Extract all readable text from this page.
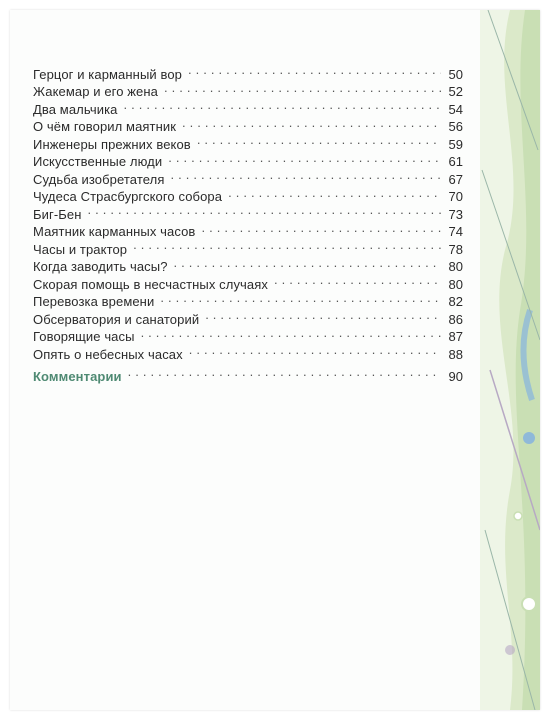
Герцог и карманный вор . . .	50
Жакемар и его жена . . .	52
Два мальчика . . .	54
О чём говорил маятник . . .	56
Инженеры прежних веков . . .	59
Искусственные люди . . .	61
Судьба изобретателя . . .	67
Чудеса Страсбургского собора . . .	70
Биг-Бен . . .	73
Маятник карманных часов . . .	74
Часы и трактор . . .	78
Когда заводить часы? . . .	80
Скорая помощь в несчастных случаях . . .	80
Перевозка времени . . .	82
Обсерватория и санаторий . . .	86
Говорящие часы . . .	87
Опять о небесных часах . . .	88
Комментарии . . .	90
